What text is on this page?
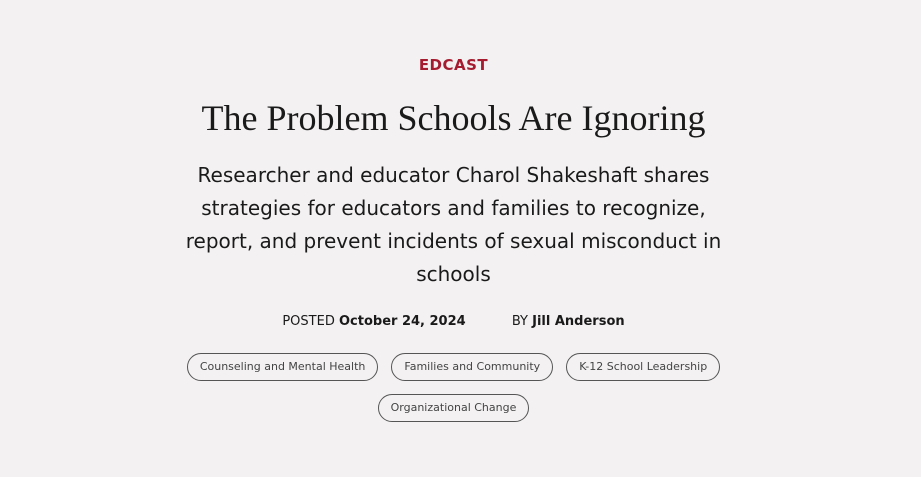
EDCAST
The Problem Schools Are Ignoring

Researcher and educator Charol Shakeshaft shares strategies for educators and families to recognize, report, and prevent incidents of sexual misconduct in schools

POSTED October 24, 2024	BY Jill Anderson
Counseling and Mental Health	Families and Community	K-12 School Leadership
Organizational Change
